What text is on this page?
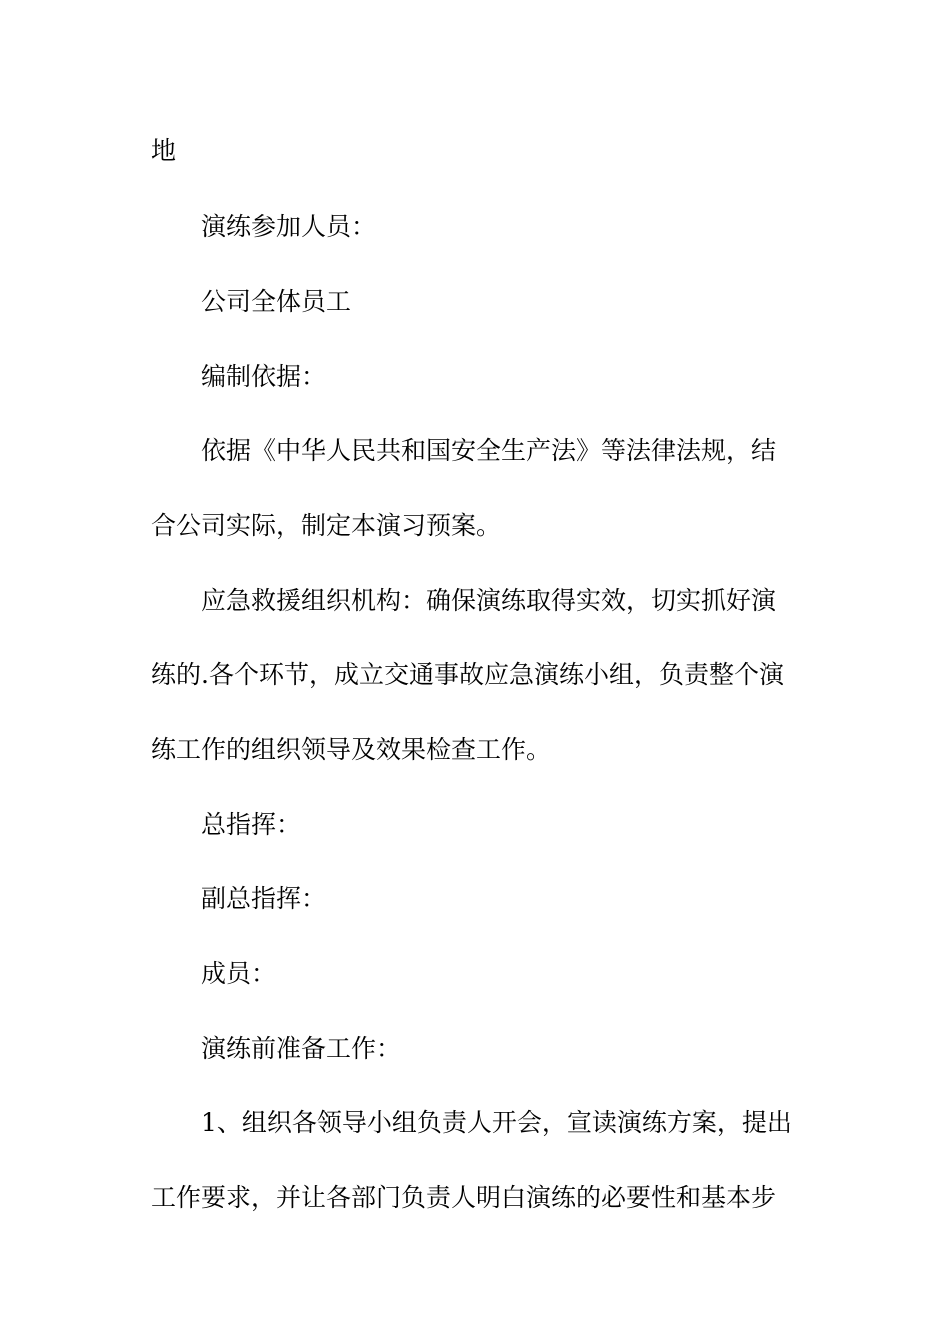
地
演练参加人员：
公司全体员工
编制依据：
依据《中华人民共和国安全生产法》等法律法规，结
合公司实际，制定本演习预案。
应急救援组织机构：确保演练取得实效，切实抓好演
练的.各个环节，成立交通事故应急演练小组，负责整个演
练工作的组织领导及效果检查工作。
总指挥：
副总指挥：
成员：
演练前准备工作：
1、组织各领导小组负责人开会，宣读演练方案，提出
工作要求，并让各部门负责人明白演练的必要性和基本步
